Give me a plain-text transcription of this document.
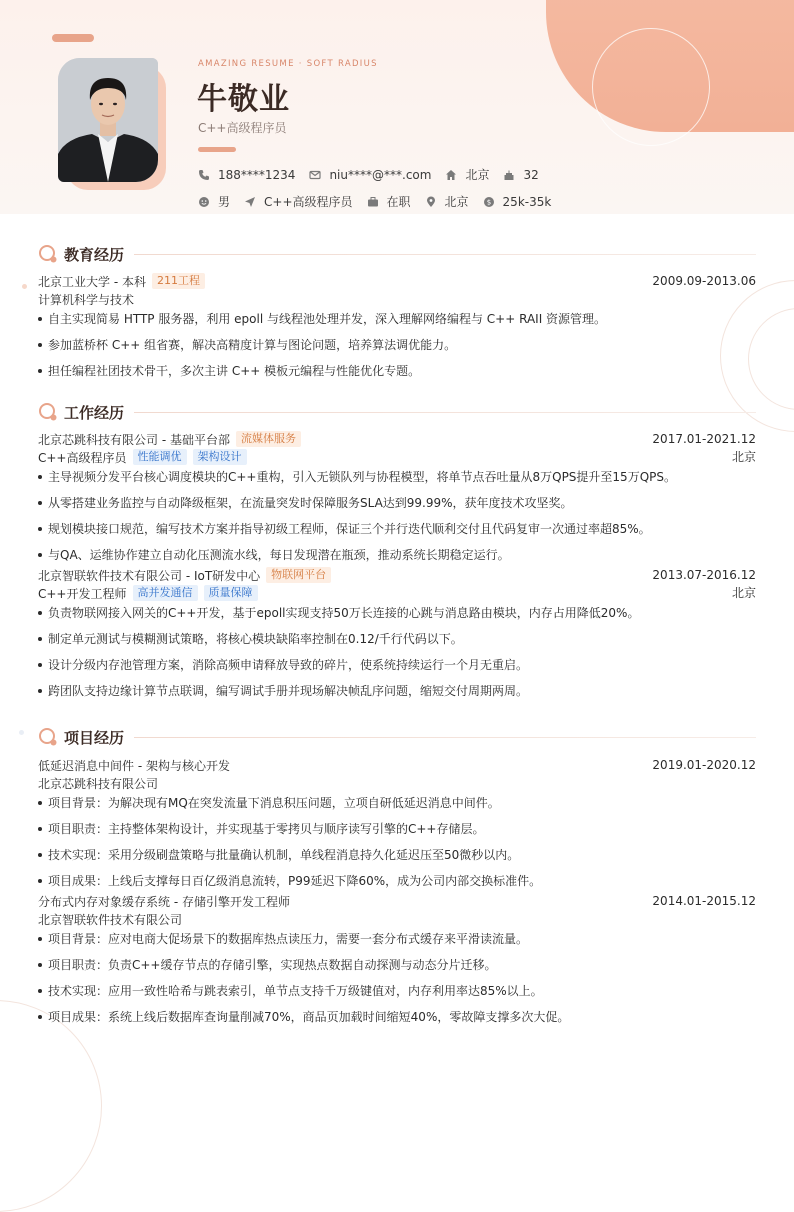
AMAZING RESUME · SOFT RADIUS
牛敬业
C++高级程序员
188****1234	niu****@***.com	北京	32
男	C++高级程序员	在职	北京	$ 25k-35k
教育经历
北京工业大学 - 本科	211工程	2009.09-2013.06
计算机科学与技术
自主实现简易 HTTP 服务器，利用 epoll 与线程池处理并发，深入理解网络编程与 C++ RAII 资源管理。
参加蓝桥杯 C++ 组省赛，解决高精度计算与图论问题，培养算法调优能力。
担任编程社团技术骨干，多次主讲 C++ 模板元编程与性能优化专题。
工作经历
北京芯跳科技有限公司 - 基础平台部	流媒体服务	2017.01-2021.12
C++高级程序员	性能调优	架构设计	北京
主导视频分发平台核心调度模块的C++重构，引入无锁队列与协程模型，将单节点吞吐量从8万QPS提升至15万QPS。
从零搭建业务监控与自动降级框架，在流量突发时保障服务SLA达到99.99%，获年度技术攻坚奖。
规划模块接口规范，编写技术方案并指导初级工程师，保证三个并行迭代顺利交付且代码复审一次通过率超85%。
与QA、运维协作建立自动化压测流水线，每日发现潜在瓶颈，推动系统长期稳定运行。
北京智联软件技术有限公司 - IoT研发中心	物联网平台	2013.07-2016.12
C++开发工程师	高并发通信	质量保障	北京
负责物联网接入网关的C++开发，基于epoll实现支持50万长连接的心跳与消息路由模块，内存占用降低20%。
制定单元测试与模糊测试策略，将核心模块缺陷率控制在0.12/千行代码以下。
设计分级内存池管理方案，消除高频申请释放导致的碎片，使系统持续运行一个月无重启。
跨团队支持边缘计算节点联调，编写调试手册并现场解决帧乱序问题，缩短交付周期两周。
项目经历
低延迟消息中间件 - 架构与核心开发	2019.01-2020.12
北京芯跳科技有限公司
项目背景：为解决现有MQ在突发流量下消息积压问题，立项自研低延迟消息中间件。
项目职责：主持整体架构设计，并实现基于零拷贝与顺序读写引擎的C++存储层。
技术实现：采用分级刷盘策略与批量确认机制，单线程消息持久化延迟压至50微秒以内。
项目成果：上线后支撑每日百亿级消息流转，P99延迟下降60%，成为公司内部交换标准件。
分布式内存对象缓存系统 - 存储引擎开发工程师	2014.01-2015.12
北京智联软件技术有限公司
项目背景：应对电商大促场景下的数据库热点读压力，需要一套分布式缓存来平滑读流量。
项目职责：负责C++缓存节点的存储引擎，实现热点数据自动探测与动态分片迁移。
技术实现：应用一致性哈希与跳表索引，单节点支持千万级键值对，内存利用率达85%以上。
项目成果：系统上线后数据库查询量削减70%，商品页加载时间缩短40%，零故障支撑多次大促。
